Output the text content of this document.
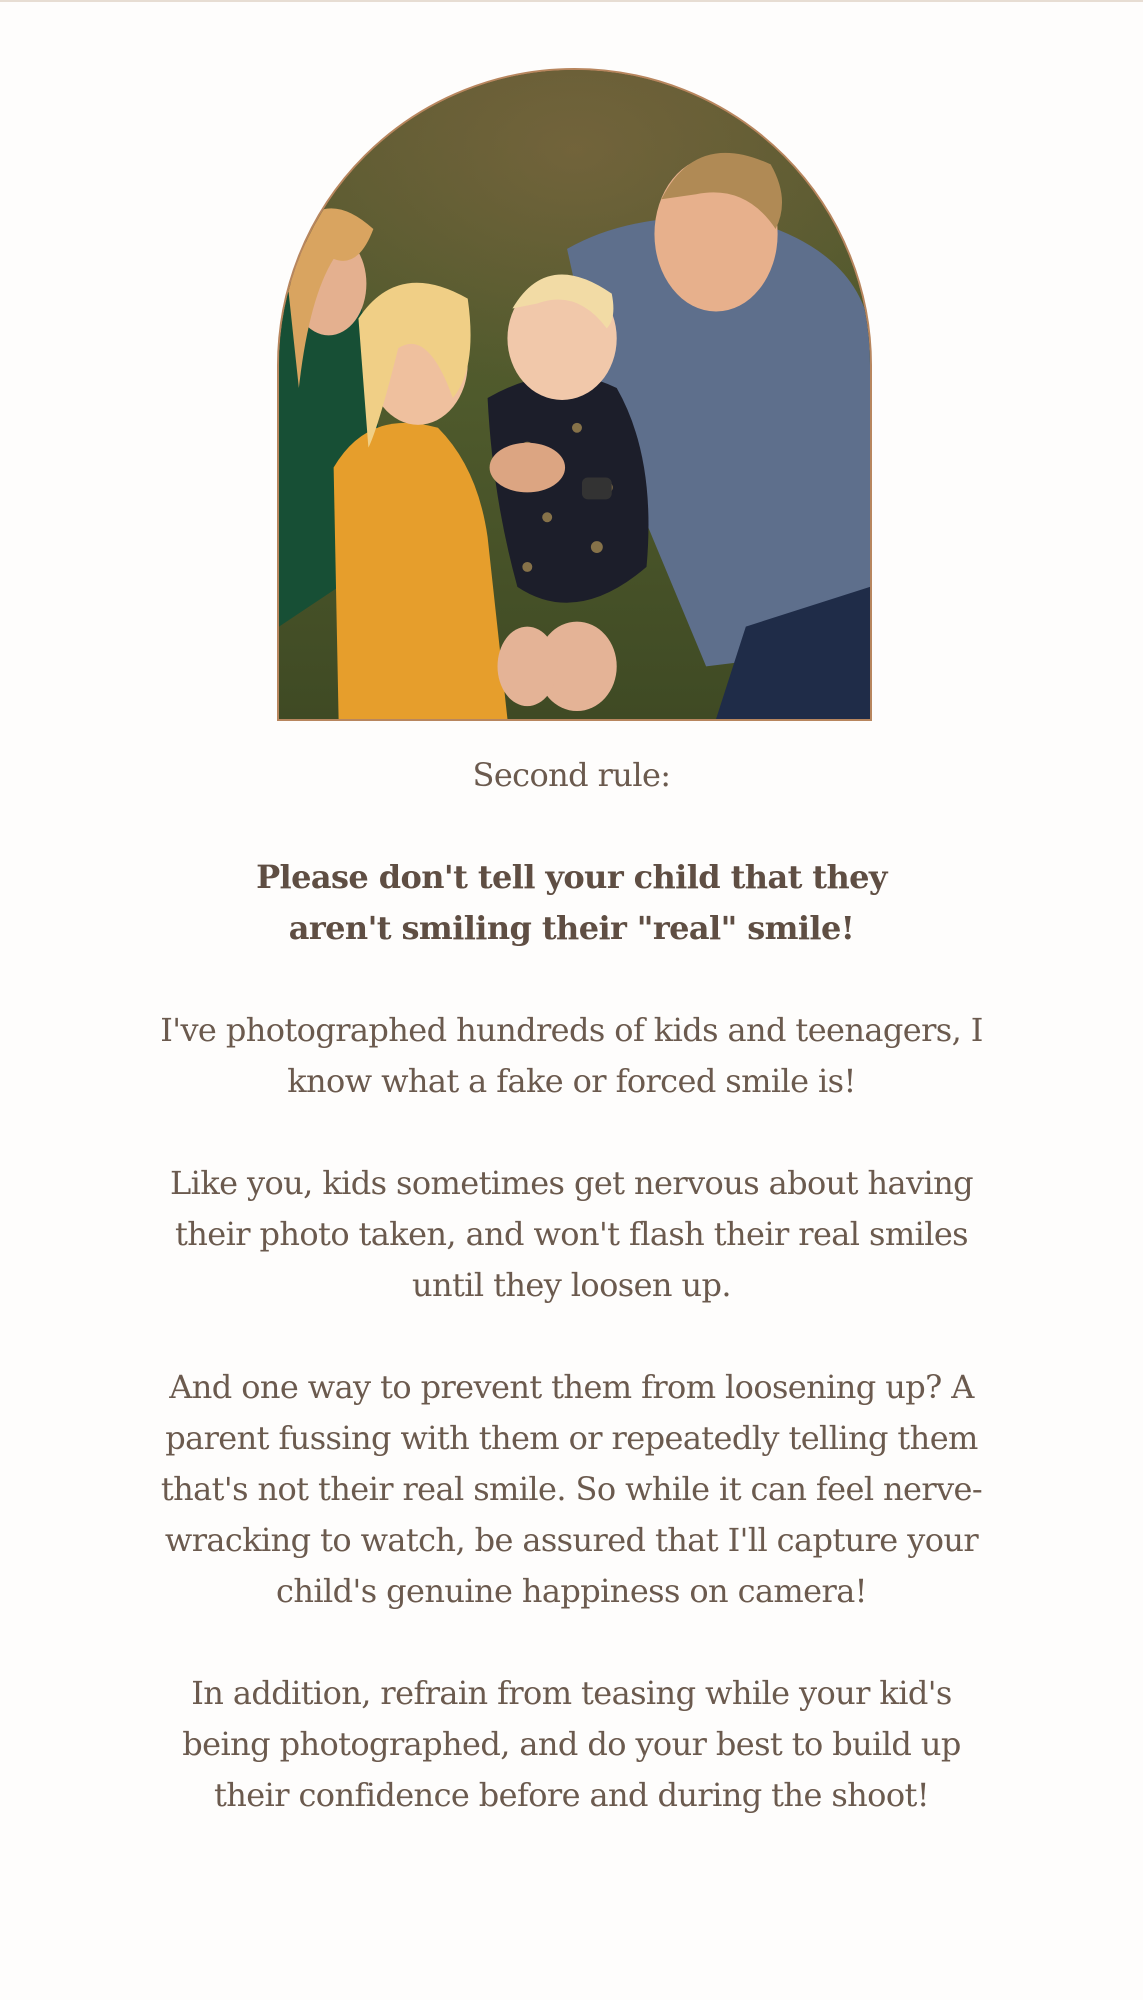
Second rule:

Please don't tell your child that they aren't smiling their "real" smile!

I've photographed hundreds of kids and teenagers, I know what a fake or forced smile is!

Like you, kids sometimes get nervous about having their photo taken, and won't flash their real smiles until they loosen up.

And one way to prevent them from loosening up? A parent fussing with them or repeatedly telling them that's not their real smile. So while it can feel nerve-wracking to watch, be assured that I'll capture your child's genuine happiness on camera!

In addition, refrain from teasing while your kid's being photographed, and do your best to build up their confidence before and during the shoot!
